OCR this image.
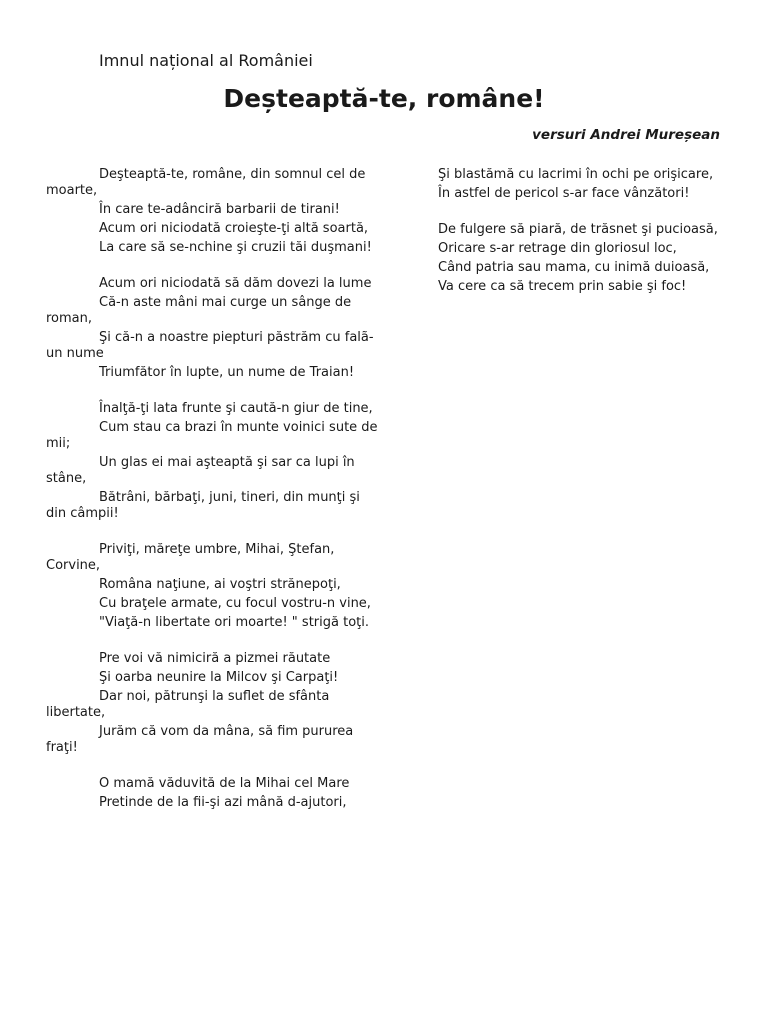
Imnul național al României
Deșteaptă-te, române!
versuri Andrei Mureșean
Deşteaptă-te, române, din somnul cel de moarte,
În care te-adânciră barbarii de tirani!
Acum ori niciodată croieşte-ţi altă soartă,
La care să se-nchine şi cruzii tăi duşmani!
Acum ori niciodată să dăm dovezi la lume
Că-n aste mâni mai curge un sânge de roman,
Şi că-n a noastre piepturi păstrăm cu falã-un nume
Triumfător în lupte, un nume de Traian!
Înalţă-ţi lata frunte şi caută-n giur de tine,
Cum stau ca brazi în munte voinici sute de mii;
Un glas ei mai aşteaptă şi sar ca lupi în stâne,
Bătrâni, bărbaţi, juni, tineri, din munţi şi din câmpii!
Priviţi, măreţe umbre, Mihai, Ştefan, Corvine,
Româna naţiune, ai voştri strănepoţi,
Cu braţele armate, cu focul vostru-n vine,
"Viaţă-n libertate ori moarte! " strigă toţi.
Pre voi vă nimiciră a pizmei răutate
Şi oarba neunire la Milcov şi Carpaţi!
Dar noi, pătrunşi la suflet de sfânta libertate,
Jurăm că vom da mâna, să fim pururea fraţi!
O mamă văduvită de la Mihai cel Mare
Pretinde de la fii-şi azi mână d-ajutori,
Şi blastămă cu lacrimi în ochi pe orişicare,
În astfel de pericol s-ar face vânzători!
De fulgere să piară, de trăsnet şi pucioasă,
Oricare s-ar retrage din gloriosul loc,
Când patria sau mama, cu inimă duioasă,
Va cere ca să trecem prin sabie şi foc!
